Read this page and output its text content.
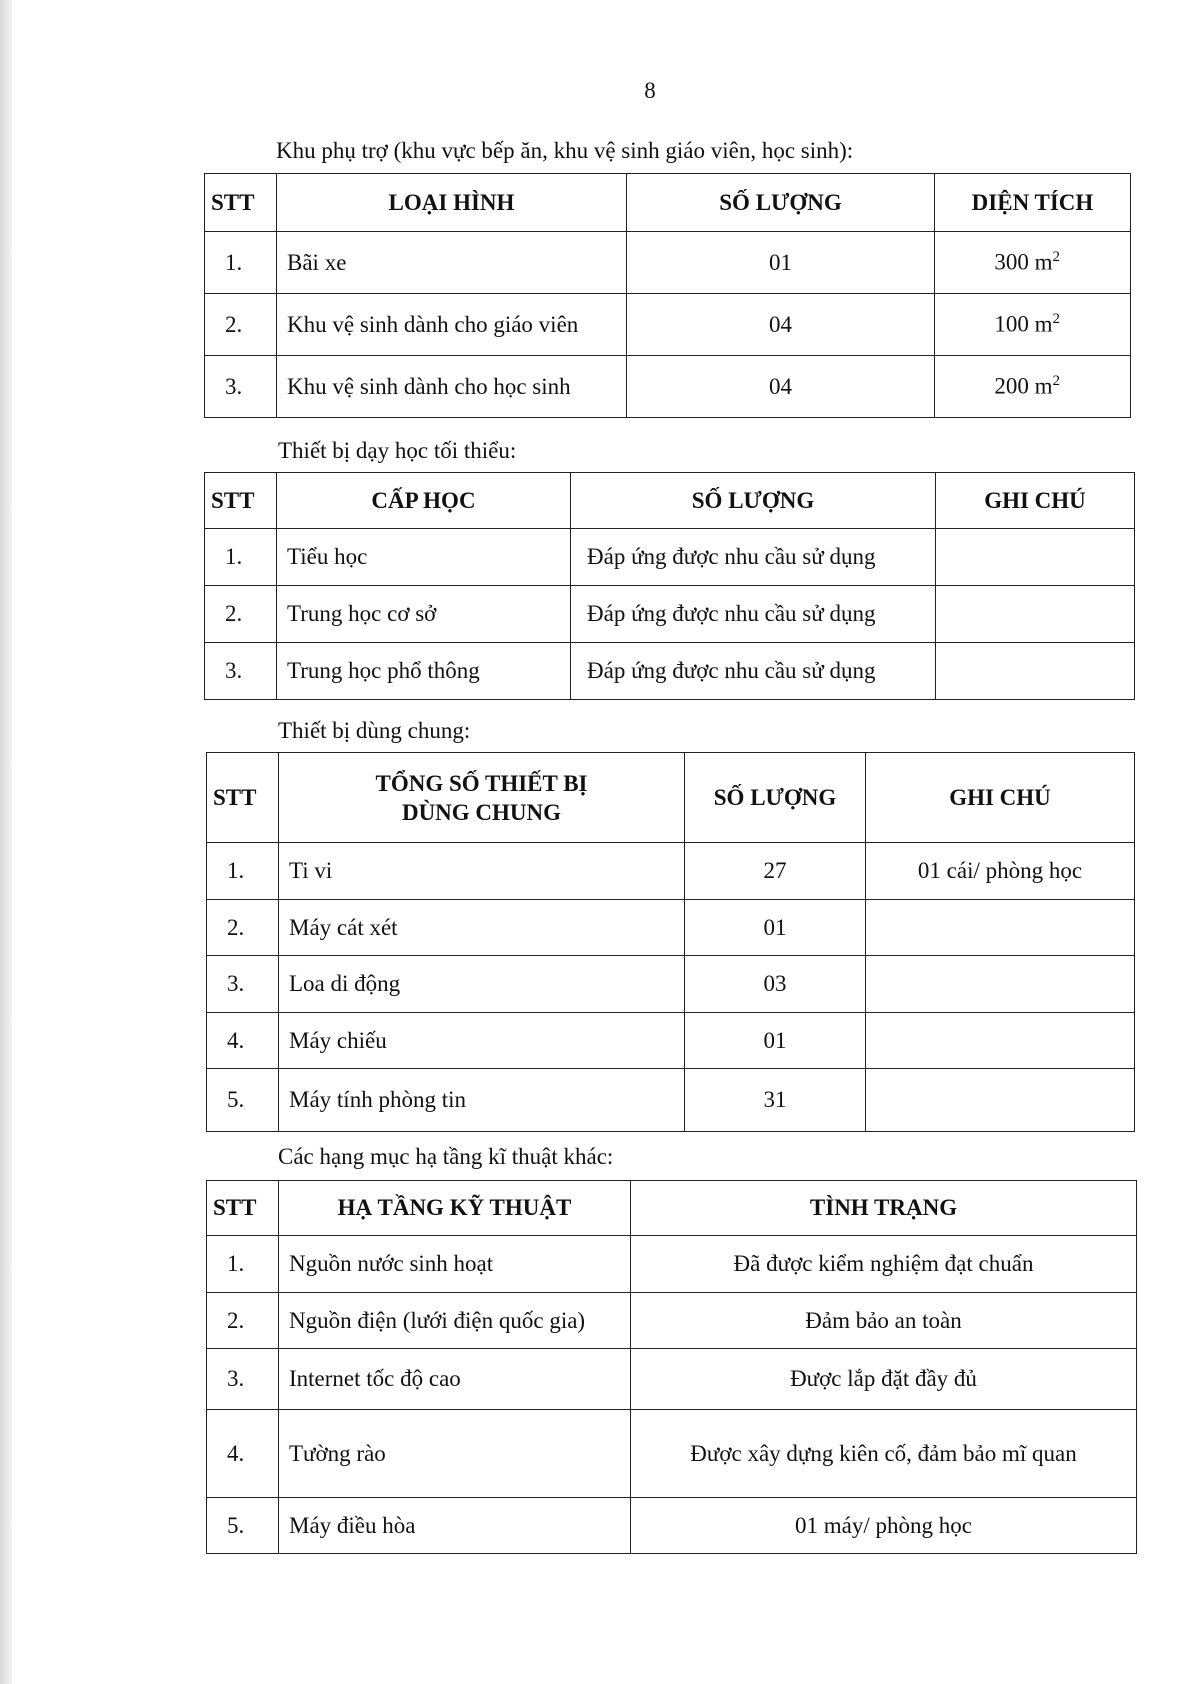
8
Khu phụ trợ (khu vực bếp ăn, khu vệ sinh giáo viên, học sinh):
STT	LOẠI HÌNH	SỐ LƯỢNG	DIỆN TÍCH
1.	Bãi xe	01	300 $m^2$
2.	Khu vệ sinh dành cho giáo viên	04	100 $m^2$
3.	Khu vệ sinh dành cho học sinh	04	200 $m^2$
Thiết bị dạy học tối thiểu:
STT	CẤP HỌC	SỐ LƯỢNG	GHI CHÚ
1.	Tiểu học	Đáp ứng được nhu cầu sử dụng	
2.	Trung học cơ sở	Đáp ứng được nhu cầu sử dụng	
3.	Trung học phổ thông	Đáp ứng được nhu cầu sử dụng	
Thiết bị dùng chung:
STT	TỔNG SỐ THIẾT BỊ DÙNG CHUNG	SỐ LƯỢNG	GHI CHÚ
1.	Ti vi	27	01 cái/ phòng học
2.	Máy cát xét	01	
3.	Loa di động	03	
4.	Máy chiếu	01	
5.	Máy tính phòng tin	31	
Các hạng mục hạ tầng kĩ thuật khác:
STT	HẠ TẦNG KỸ THUẬT	TÌNH TRẠNG
1.	Nguồn nước sinh hoạt	Đã được kiểm nghiệm đạt chuẩn
2.	Nguồn điện (lưới điện quốc gia)	Đảm bảo an toàn
3.	Internet tốc độ cao	Được lắp đặt đầy đủ
4.	Tường rào	Được xây dựng kiên cố, đảm bảo mĩ quan
5.	Máy điều hòa	01 máy/ phòng học
